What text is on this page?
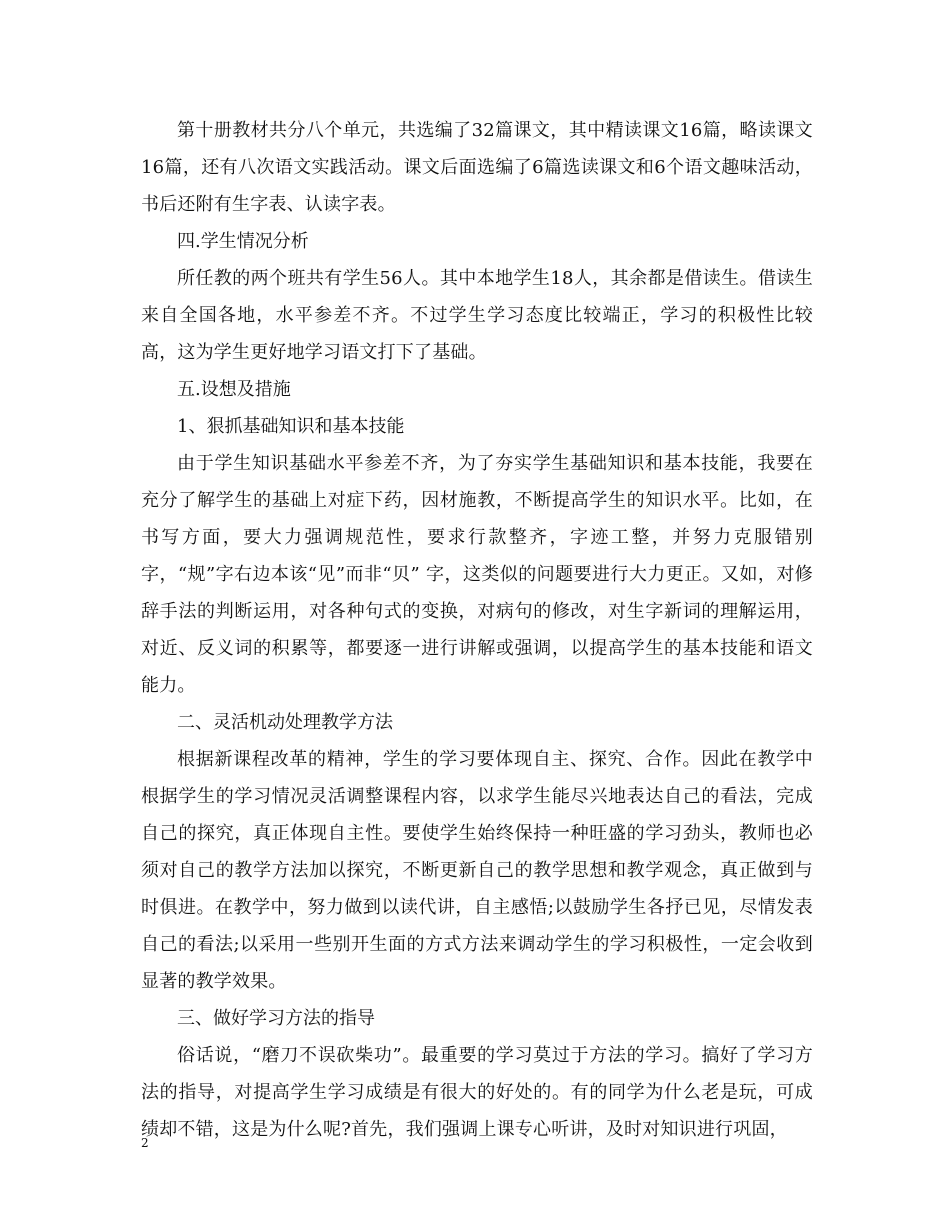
第十册教材共分八个单元，共选编了32篇课文，其中精读课文16篇，略读课文16篇，还有八次语文实践活动。课文后面选编了6篇选读课文和6个语文趣味活动，书后还附有生字表、认读字表。

四.学生情况分析

所任教的两个班共有学生56人。其中本地学生18人，其余都是借读生。借读生来自全国各地，水平参差不齐。不过学生学习态度比较端正，学习的积极性比较高，这为学生更好地学习语文打下了基础。

五.设想及措施

1、狠抓基础知识和基本技能

由于学生知识基础水平参差不齐，为了夯实学生基础知识和基本技能，我要在充分了解学生的基础上对症下药，因材施教，不断提高学生的知识水平。比如，在书写方面，要大力强调规范性，要求行款整齐，字迹工整，并努力克服错别字，“规”字右边本该“见”而非“贝” 字，这类似的问题要进行大力更正。又如，对修辞手法的判断运用，对各种句式的变换，对病句的修改，对生字新词的理解运用，对近、反义词的积累等，都要逐一进行讲解或强调，以提高学生的基本技能和语文能力。

二、灵活机动处理教学方法

根据新课程改革的精神，学生的学习要体现自主、探究、合作。因此在教学中根据学生的学习情况灵活调整课程内容，以求学生能尽兴地表达自己的看法，完成自己的探究，真正体现自主性。要使学生始终保持一种旺盛的学习劲头，教师也必须对自己的教学方法加以探究，不断更新自己的教学思想和教学观念，真正做到与时俱进。在教学中，努力做到以读代讲，自主感悟;以鼓励学生各抒已见，尽情发表自己的看法;以采用一些别开生面的方式方法来调动学生的学习积极性，一定会收到显著的教学效果。

三、做好学习方法的指导

俗话说，“磨刀不误砍柴功”。最重要的学习莫过于方法的学习。搞好了学习方法的指导，对提高学生学习成绩是有很大的好处的。有的同学为什么老是玩，可成绩却不错，这是为什么呢?首先，我们强调上课专心听讲，及时对知识进行巩固，

2
